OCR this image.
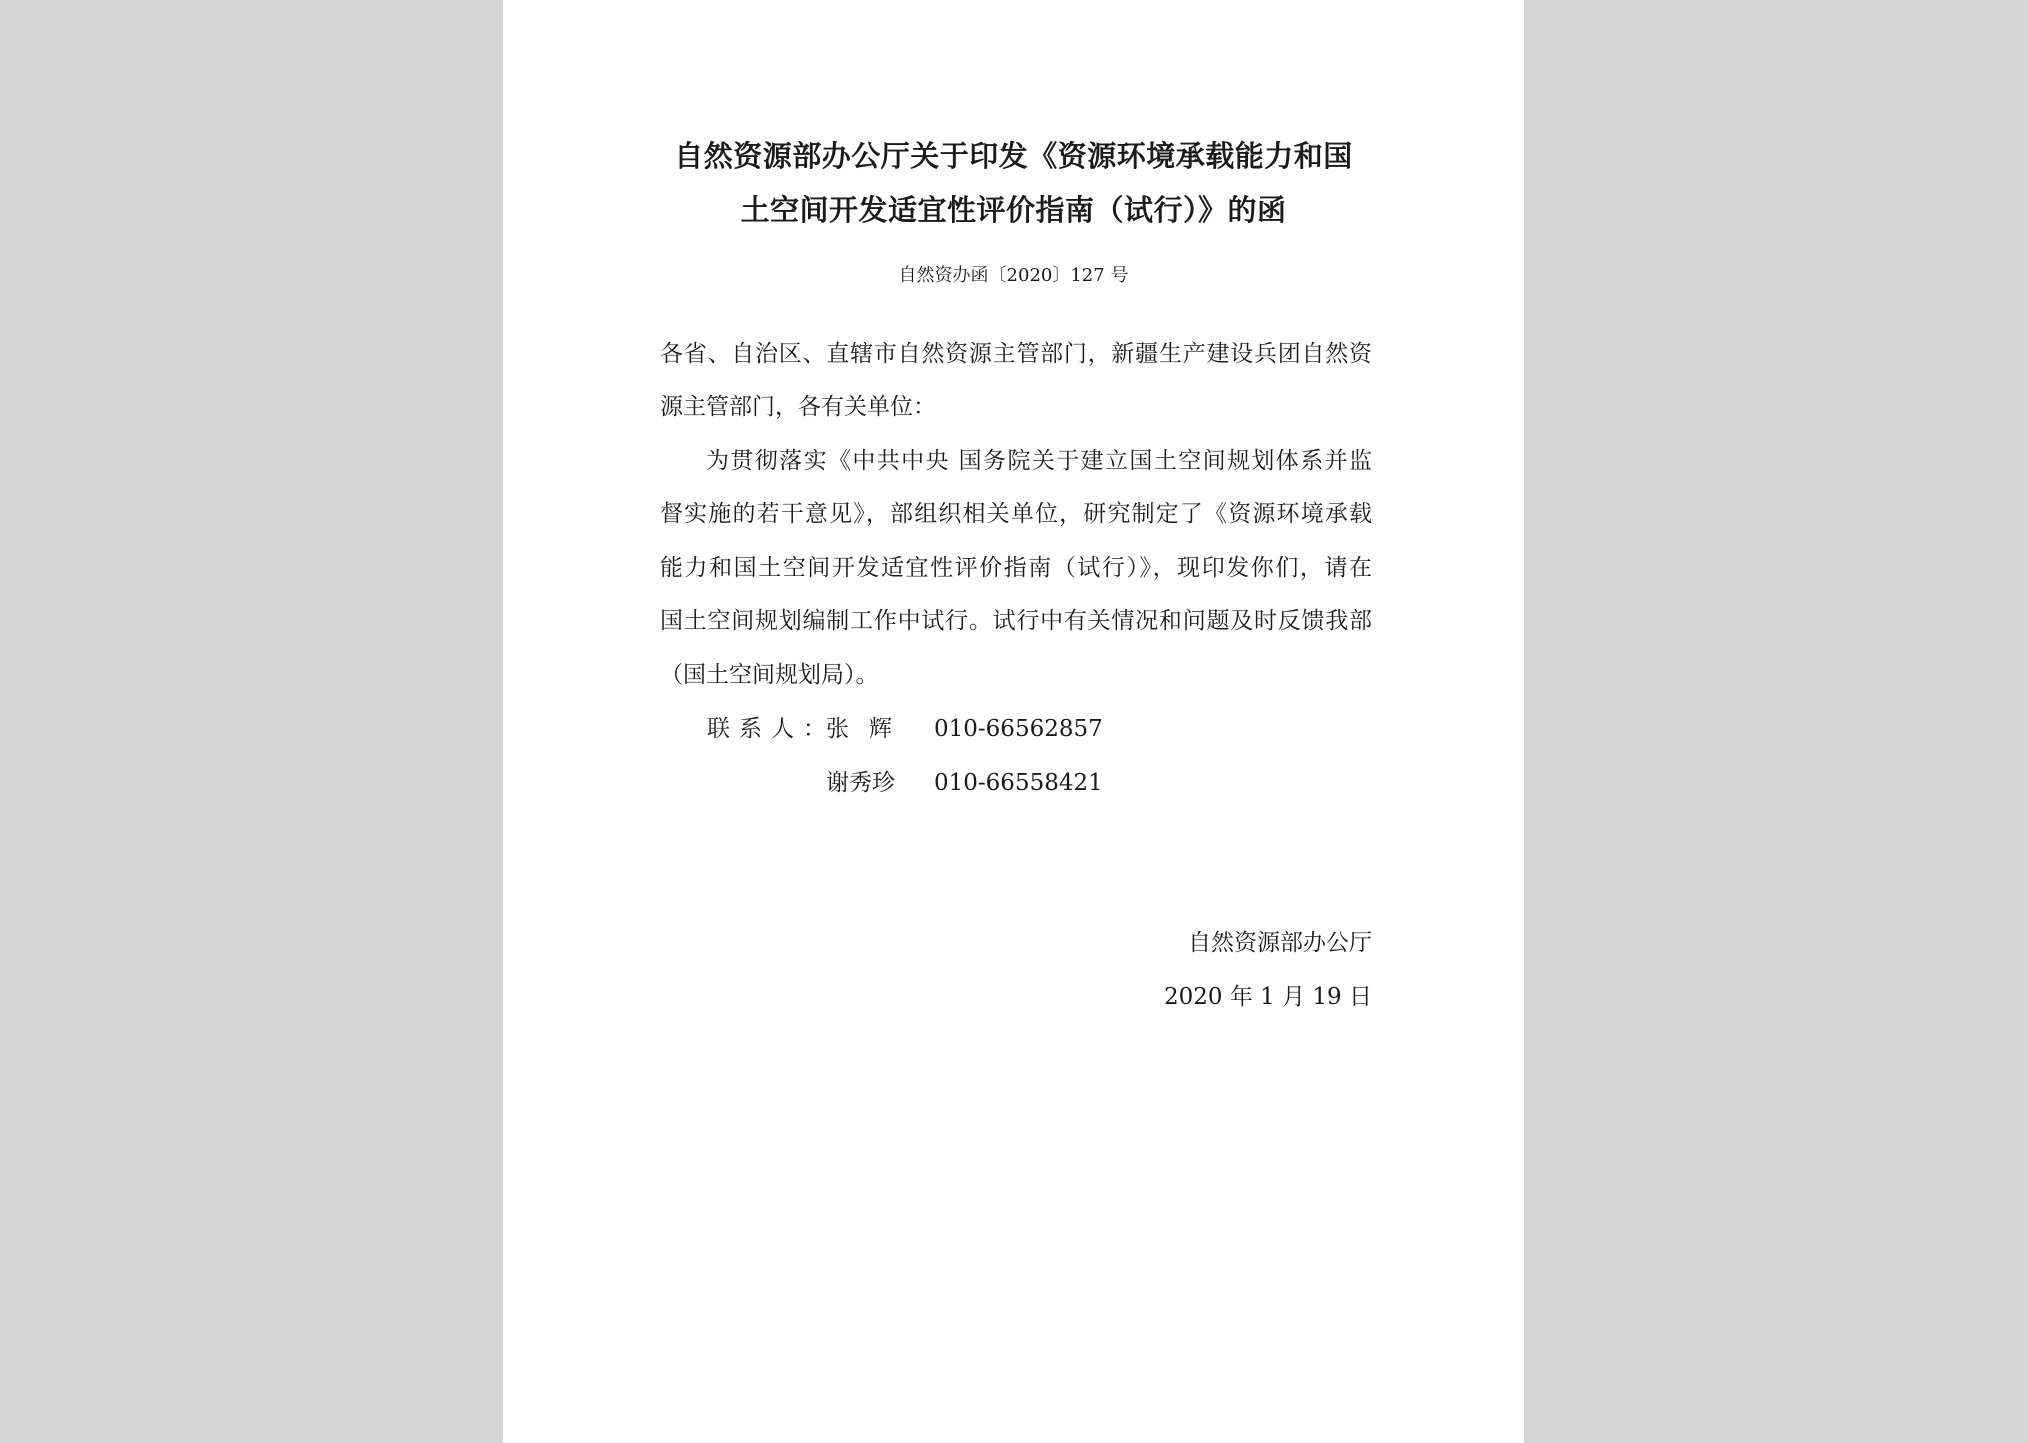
自然资源部办公厅关于印发《资源环境承载能力和国
土空间开发适宜性评价指南（试行）》的函
自然资办函〔2020〕127 号
各省、自治区、直辖市自然资源主管部门，新疆生产建设兵团自然资
源主管部门，各有关单位：
为贯彻落实《中共中央 国务院关于建立国土空间规划体系并监
督实施的若干意见》，部组织相关单位，研究制定了《资源环境承载
能力和国土空间开发适宜性评价指南（试行）》，现印发你们，请在
国土空间规划编制工作中试行。试行中有关情况和问题及时反馈我部
（国土空间规划局）。
联系人：
张辉 010-66562857
谢秀珍 010-66558421
自然资源部办公厅
2020 年 1 月 19 日
